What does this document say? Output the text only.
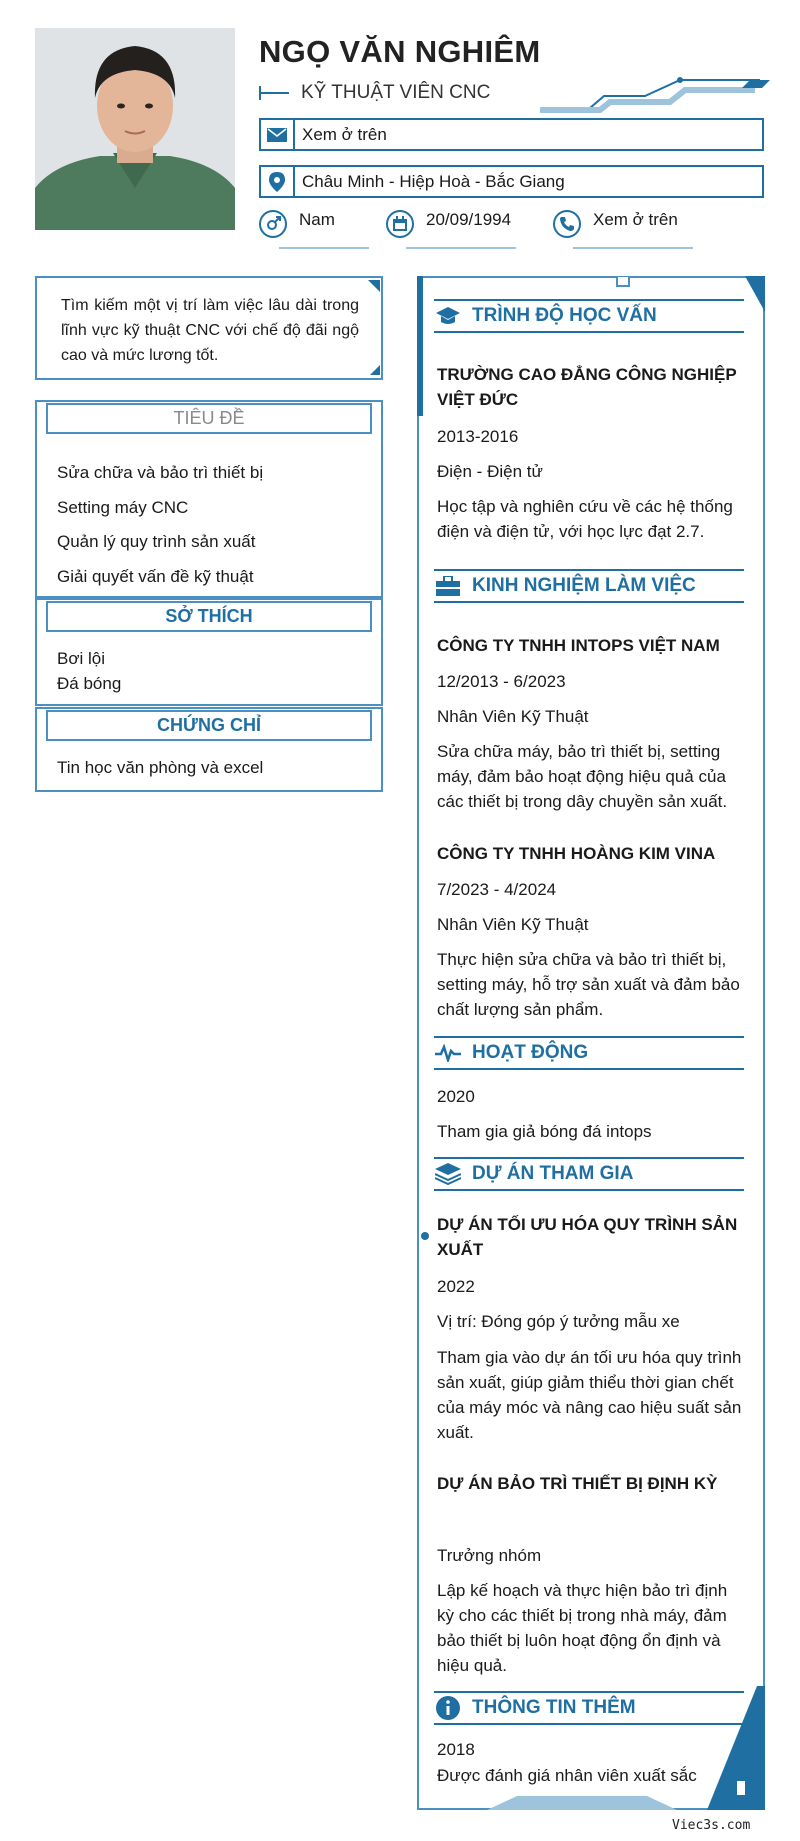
NGỌ VĂN NGHIÊM
KỸ THUẬT VIÊN CNC
Xem ở trên
Châu Minh - Hiệp Hoà - Bắc Giang
Nam	20/09/1994	Xem ở trên
Tìm kiếm một vị trí làm việc lâu dài trong lĩnh vực kỹ thuật CNC với chế độ đãi ngộ cao và mức lương tốt.
TIÊU ĐỀ
Sửa chữa và bảo trì thiết bị
Setting máy CNC
Quản lý quy trình sản xuất
Giải quyết vấn đề kỹ thuật
SỞ THÍCH
Bơi lội
Đá bóng
CHỨNG CHỈ
Tin học văn phòng và excel
TRÌNH ĐỘ HỌC VẤN
TRƯỜNG CAO ĐẲNG CÔNG NGHIỆP VIỆT ĐỨC
2013-2016
Điện - Điện tử
Học tập và nghiên cứu về các hệ thống điện và điện tử, với học lực đạt 2.7.
KINH NGHIỆM LÀM VIỆC
CÔNG TY TNHH INTOPS VIỆT NAM
12/2013 - 6/2023
Nhân Viên Kỹ Thuật
Sửa chữa máy, bảo trì thiết bị, setting máy, đảm bảo hoạt động hiệu quả của các thiết bị trong dây chuyền sản xuất.
CÔNG TY TNHH HOÀNG KIM VINA
7/2023 - 4/2024
Nhân Viên Kỹ Thuật
Thực hiện sửa chữa và bảo trì thiết bị, setting máy, hỗ trợ sản xuất và đảm bảo chất lượng sản phẩm.
HOẠT ĐỘNG
2020
Tham gia giả bóng đá intops
DỰ ÁN THAM GIA
DỰ ÁN TỐI ƯU HÓA QUY TRÌNH SẢN XUẤT
2022
Vị trí: Đóng góp ý tưởng mẫu xe
Tham gia vào dự án tối ưu hóa quy trình sản xuất, giúp giảm thiểu thời gian chết của máy móc và nâng cao hiệu suất sản xuất.
DỰ ÁN BẢO TRÌ THIẾT BỊ ĐỊNH KỲ
Trưởng nhóm
Lập kế hoạch và thực hiện bảo trì định kỳ cho các thiết bị trong nhà máy, đảm bảo thiết bị luôn hoạt động ổn định và hiệu quả.
THÔNG TIN THÊM
2018
Được đánh giá nhân viên xuất sắc
Viec3s.com
